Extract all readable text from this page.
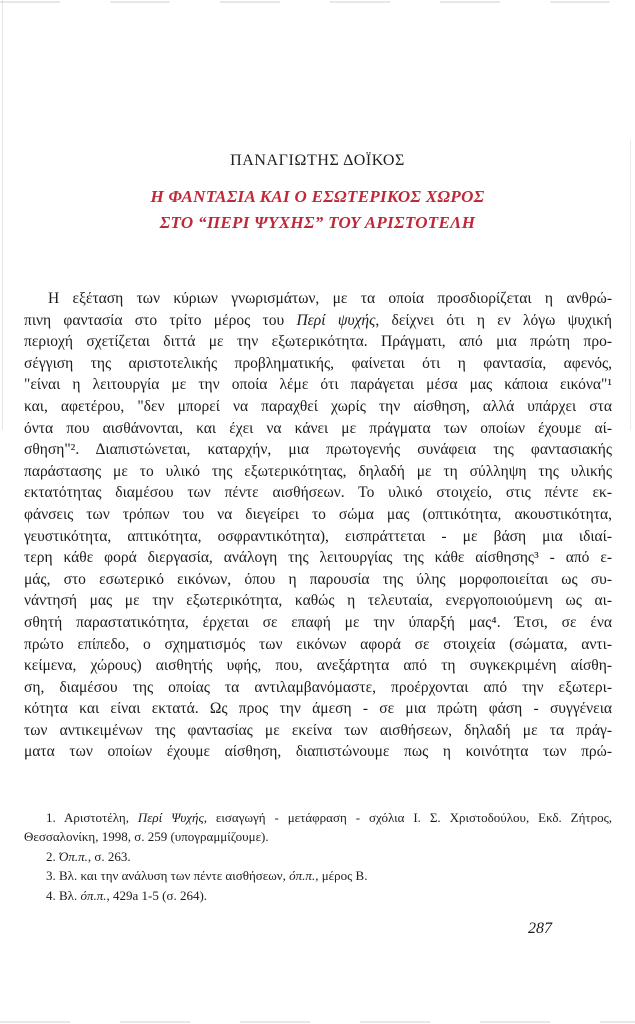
ΠΑΝΑΓΙΩΤΗΣ ΔΟΪΚΟΣ
Η ΦΑΝΤΑΣΙΑ ΚΑΙ Ο ΕΣΩΤΕΡΙΚΟΣ ΧΩΡΟΣ
ΣΤΟ “ΠΕΡΙ ΨΥΧΗΣ” ΤΟΥ ΑΡΙΣΤΟΤΕΛΗ
Η εξέταση των κύριων γνωρισμάτων, με τα οποία προσδιορίζεται η ανθρώ-
πινη φαντασία στο τρίτο μέρος του Περί ψυχής, δείχνει ότι η εν λόγω ψυχική
περιοχή σχετίζεται διττά με την εξωτερικότητα. Πράγματι, από μια πρώτη προ-
σέγγιση της αριστοτελικής προβληματικής, φαίνεται ότι η φαντασία, αφενός,
"είναι η λειτουργία με την οποία λέμε ότι παράγεται μέσα μας κάποια εικόνα"¹
και, αφετέρου, "δεν μπορεί να παραχθεί χωρίς την αίσθηση, αλλά υπάρχει στα
όντα που αισθάνονται, και έχει να κάνει με πράγματα των οποίων έχουμε αί-
σθηση"². Διαπιστώνεται, καταρχήν, μια πρωτογενής συνάφεια της φαντασιακής
παράστασης με το υλικό της εξωτερικότητας, δηλαδή με τη σύλληψη της υλικής
εκτατότητας διαμέσου των πέντε αισθήσεων. Το υλικό στοιχείο, στις πέντε εκ-
φάνσεις των τρόπων του να διεγείρει το σώμα μας (οπτικότητα, ακουστικότητα,
γευστικότητα, απτικότητα, οσφραντικότητα), εισπράττεται - με βάση μια ιδιαί-
τερη κάθε φορά διεργασία, ανάλογη της λειτουργίας της κάθε αίσθησης³ - από ε-
μάς, στο εσωτερικό εικόνων, όπου η παρουσία της ύλης μορφοποιείται ως συ-
νάντησή μας με την εξωτερικότητα, καθώς η τελευταία, ενεργοποιούμενη ως αι-
σθητή παραστατικότητα, έρχεται σε επαφή με την ύπαρξή μας⁴. Έτσι, σε ένα
πρώτο επίπεδο, ο σχηματισμός των εικόνων αφορά σε στοιχεία (σώματα, αντι-
κείμενα, χώρους) αισθητής υφής, που, ανεξάρτητα από τη συγκεκριμένη αίσθη-
ση, διαμέσου της οποίας τα αντιλαμβανόμαστε, προέρχονται από την εξωτερι-
κότητα και είναι εκτατά. Ως προς την άμεση - σε μια πρώτη φάση - συγγένεια
των αντικειμένων της φαντασίας με εκείνα των αισθήσεων, δηλαδή με τα πράγ-
ματα των οποίων έχουμε αίσθηση, διαπιστώνουμε πως η κοινότητα των πρώ-
1. Αριστοτέλη, Περί Ψυχής, εισαγωγή - μετάφραση - σχόλια Ι. Σ. Χριστοδούλου, Εκδ. Ζήτρος,
Θεσσαλονίκη, 1998, σ. 259 (υπογραμμίζουμε).
2. Όπ.π., σ. 263.
3. Βλ. και την ανάλυση των πέντε αισθήσεων, όπ.π., μέρος Β.
4. Βλ. όπ.π., 429a 1-5 (σ. 264).
287
